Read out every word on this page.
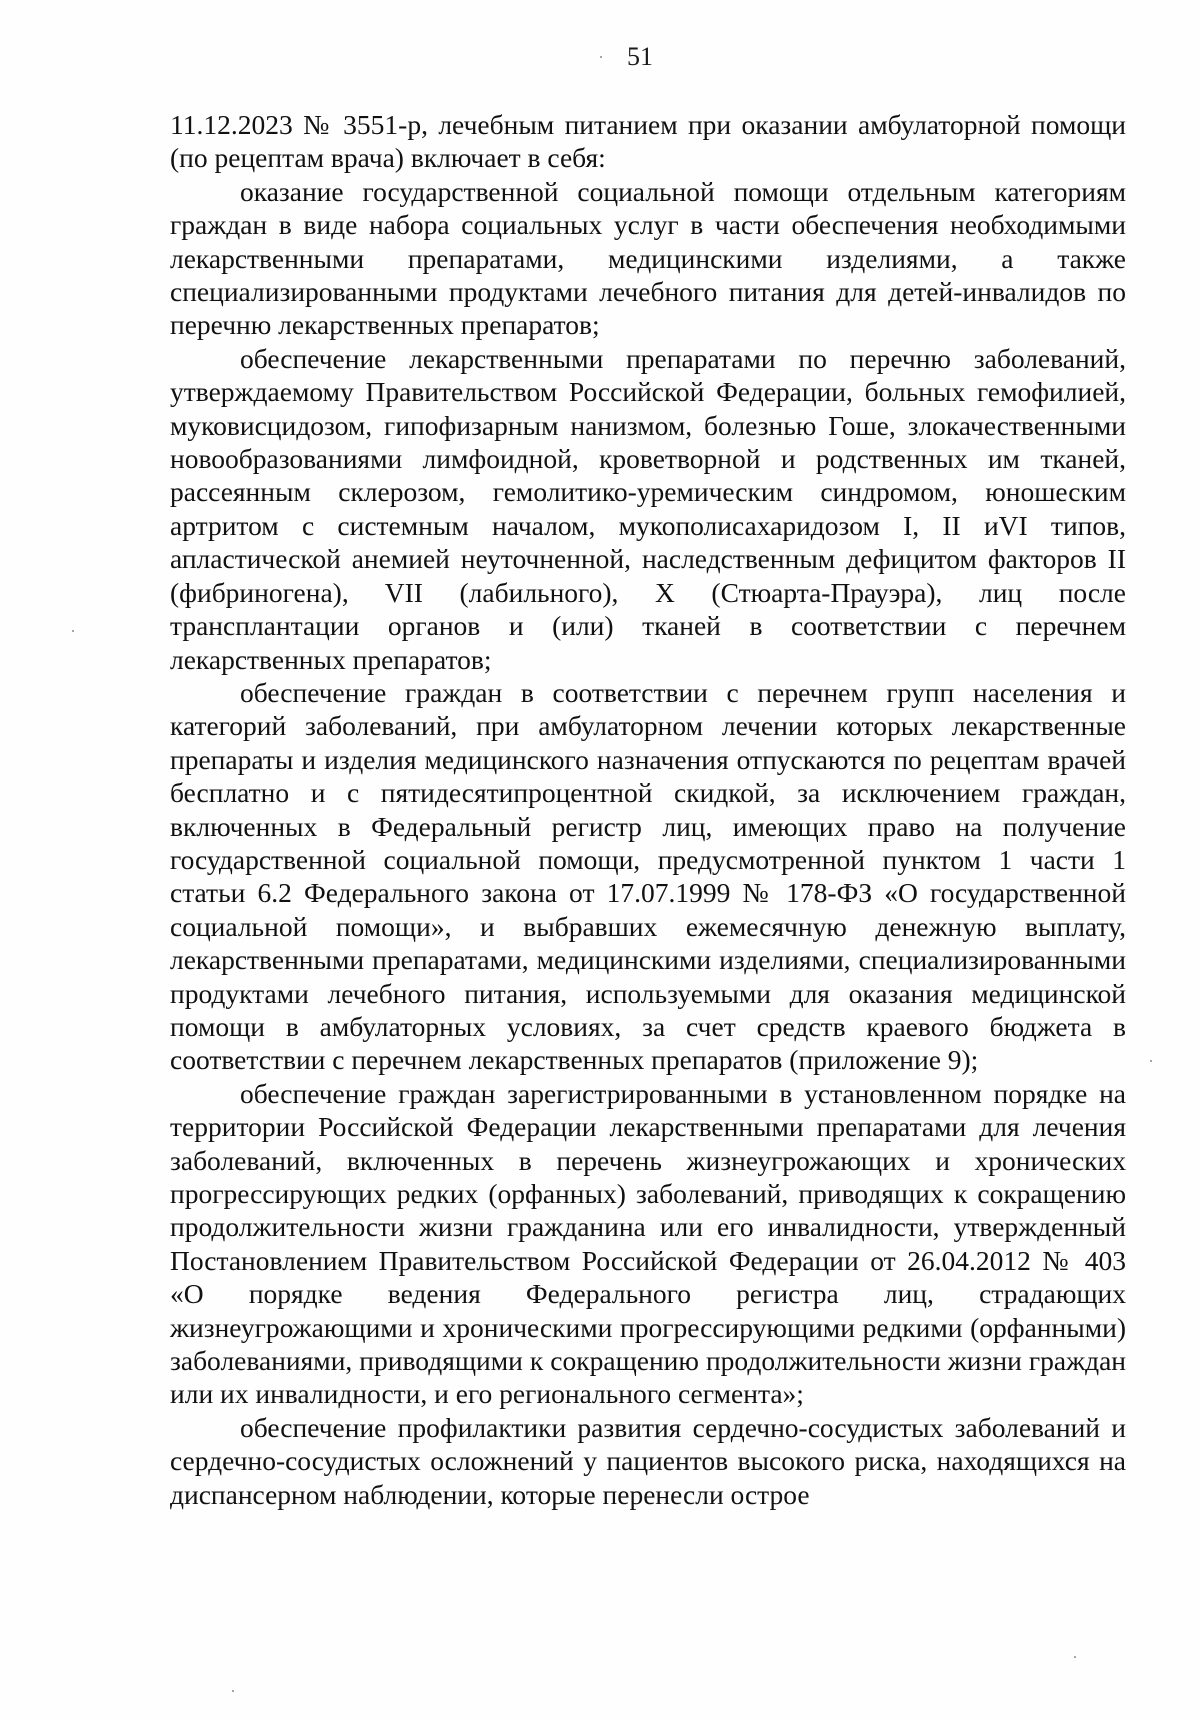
51

11.12.2023 № 3551-р, лечебным питанием при оказании амбулаторной помощи (по рецептам врача) включает в себя:

оказание государственной социальной помощи отдельным категориям граждан в виде набора социальных услуг в части обеспечения необходимыми лекарственными препаратами, медицинскими изделиями, а также специализированными продуктами лечебного питания для детей-инвалидов по перечню лекарственных препаратов;

обеспечение лекарственными препаратами по перечню заболеваний, утверждаемому Правительством Российской Федерации, больных гемофилией, муковисцидозом, гипофизарным нанизмом, болезнью Гоше, злокачественными новообразованиями лимфоидной, кроветворной и родственных им тканей, рассеянным склерозом, гемолитико-уремическим синдромом, юношеским артритом с системным началом, мукополисахаридозом I, II иVI типов, апластической анемией неуточненной, наследственным дефицитом факторов II (фибриногена), VII (лабильного), X (Стюарта-Прауэра), лиц после трансплантации органов и (или) тканей в соответствии с перечнем лекарственных препаратов;

обеспечение граждан в соответствии с перечнем групп населения и категорий заболеваний, при амбулаторном лечении которых лекарственные препараты и изделия медицинского назначения отпускаются по рецептам врачей бесплатно и с пятидесятипроцентной скидкой, за исключением граждан, включенных в Федеральный регистр лиц, имеющих право на получение государственной социальной помощи, предусмотренной пунктом 1 части 1 статьи 6.2 Федерального закона от 17.07.1999 № 178-ФЗ «О государственной социальной помощи», и выбравших ежемесячную денежную выплату, лекарственными препаратами, медицинскими изделиями, специализированными продуктами лечебного питания, используемыми для оказания медицинской помощи в амбулаторных условиях, за счет средств краевого бюджета в соответствии с перечнем лекарственных препаратов (приложение 9);

обеспечение граждан зарегистрированными в установленном порядке на территории Российской Федерации лекарственными препаратами для лечения заболеваний, включенных в перечень жизнеугрожающих и хронических прогрессирующих редких (орфанных) заболеваний, приводящих к сокращению продолжительности жизни гражданина или его инвалидности, утвержденный Постановлением Правительством Российской Федерации от 26.04.2012 № 403 «О порядке ведения Федерального регистра лиц, страдающих жизнеугрожающими и хроническими прогрессирующими редкими (орфанными) заболеваниями, приводящими к сокращению продолжительности жизни граждан или их инвалидности, и его регионального сегмента»;

обеспечение профилактики развития сердечно-сосудистых заболеваний и сердечно-сосудистых осложнений у пациентов высокого риска, находящихся на диспансерном наблюдении, которые перенесли острое
